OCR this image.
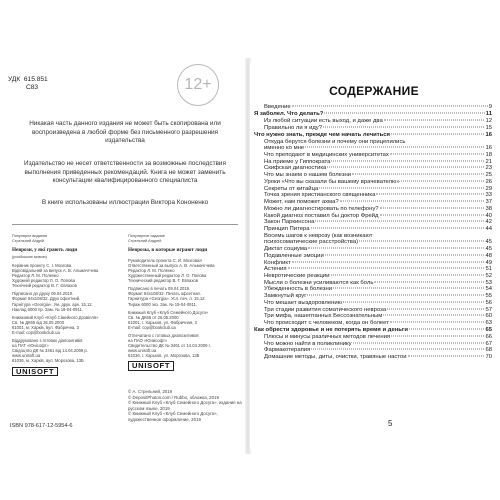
УДК 615.851
С83	12+
Никакая часть данного издания не может быть скопирована или воспроизведена в любой форме без письменного разрешения издательства
Издательство не несет ответственности за возможные последствия выполнения приведенных рекомендаций. Книга не может заменить консультации квалифицированного специалиста
В книге использованы иллюстрации Виктора Кононенко
Популярне видання
Стрєльний Андрій
Неврози, у які грають люди
(російською мовою)
Керівник проекту С. І. Мозгова
Відповідальний за випуск А. В. Альмачгчева
Редактор Л. М. Поленко
Художній редактор Л. О. Попова
Технічний редактор В. Г. Євлахов
Підписано до друку 09.04.2019.
Формат 84х108/32. Друк офсетний.
Гарнітура «Georgia». Ум. друк. арк. 15,12.
Наклад 6000 пр. Зам. № 19-04-0911.
Книжковий Клуб «Клуб Сімейного Дозвілля»
Св. № ДК65 від 26.05.2000
61001, м. Харків, вул. Фабрична, 3
E-mail: cop@bookclub.ua
Віддруковано з готових діапозитивів
на ПАТ «Юнісофт»
Свідоцтво ДК № 3461 від 14.04.2009 р.
www.unisoft.ua
61036, м. Харків, вул. Морозова, 13Б
UNISOFT
Популярное издание
Стрельний Андрей
Неврозы, в которые играют люди
Руководитель проекта С. И. Мозговая
Ответственный за выпуск А. В. Альмачгчева
Редактор Л. М. Поленко
Художественный редактор Л. О. Попова
Технический редактор В. Г. Евлахов
Подписано в печать 09.04.2019.
Формат 84х108/32. Печать офсетная.
Гарнитура «Georgia». Усл. печ. л. 15,12.
Тираж 6000 экз. Зак. № 19-04-0911.
Книжный Клуб «Клуб Семейного Досуга»
Св. № ДК65 от 26.05.2000
61001, г. Харьков, ул. Фабричная, 3
E-mail: cop@bookclub.ua
Отпечатано с готовых диапозитивов
на ПАО «Юнисофт»
Свидетельство ДК № 3461 от 14.04.2009 г.
www.unisoft.ua
61036, г. Харьков, ул. Морозова, 13Б
UNISOFT
© А. Стрельний, 2019
© DepositPhotos.com / Rubbo, обложка, 2019
© Книжный Клуб «Клуб Семейного Досуга», издание на русском языке, 2019
© Книжный Клуб «Клуб Семейного Досуга», художественное оформление, 2019
ISBN 978-617-12-5954-6
СОДЕРЖАНИЕ
Введение	9
Я заболел. Что делать?	11
Из любой ситуации есть выход, и даже два	12
Правильно ли я иду?	15
Что нужно знать, прежде чем начать лечиться	16
Откуда берутся болезни и почему они прицепились
именно ко мне	16
Что преподают в медицинских университетах	18
На приеме у Гиппократа	21
Скифская диагностика	23
Что мы знаем о нашем болезни	25
Уроки «Что вы сказали бы вашему врачевателю»	26
Секреты от китайца	29
Точка зрения христианского священника	33
Может, нам поможет ахма?	37
Можно ли диагностировать по телефону?	38
Какой диагноз поставил бы доктор Фрейд	40
Закон Паркинсона	42
Принцип Питера	44
Восемь шагов к неврозу (как возникают
психосоматические расстройства)	45
Диктат социума	45
Подавленные эмоции	48
Конфликт	49
Астения	51
Невротические реакции	52
Мысли о болезни усиливаются как боль	53
Убежденность в болезни	54
Замкнутый круг	55
Что мешает выздоровлению	56
Три стадии развития соматического невроза	57
Три мифа, нашептанных Бессознательным	60
Что происходит с человеком, когда он болеет	63
Как обрести здоровье и не потерять время и деньги	65
Плюсы и минусы различных методов лечения	66
Что можно найти в поликлинику	67
Фармакотерапия	68
Домашние методы, диты, очистки, травяные настои	70
5
